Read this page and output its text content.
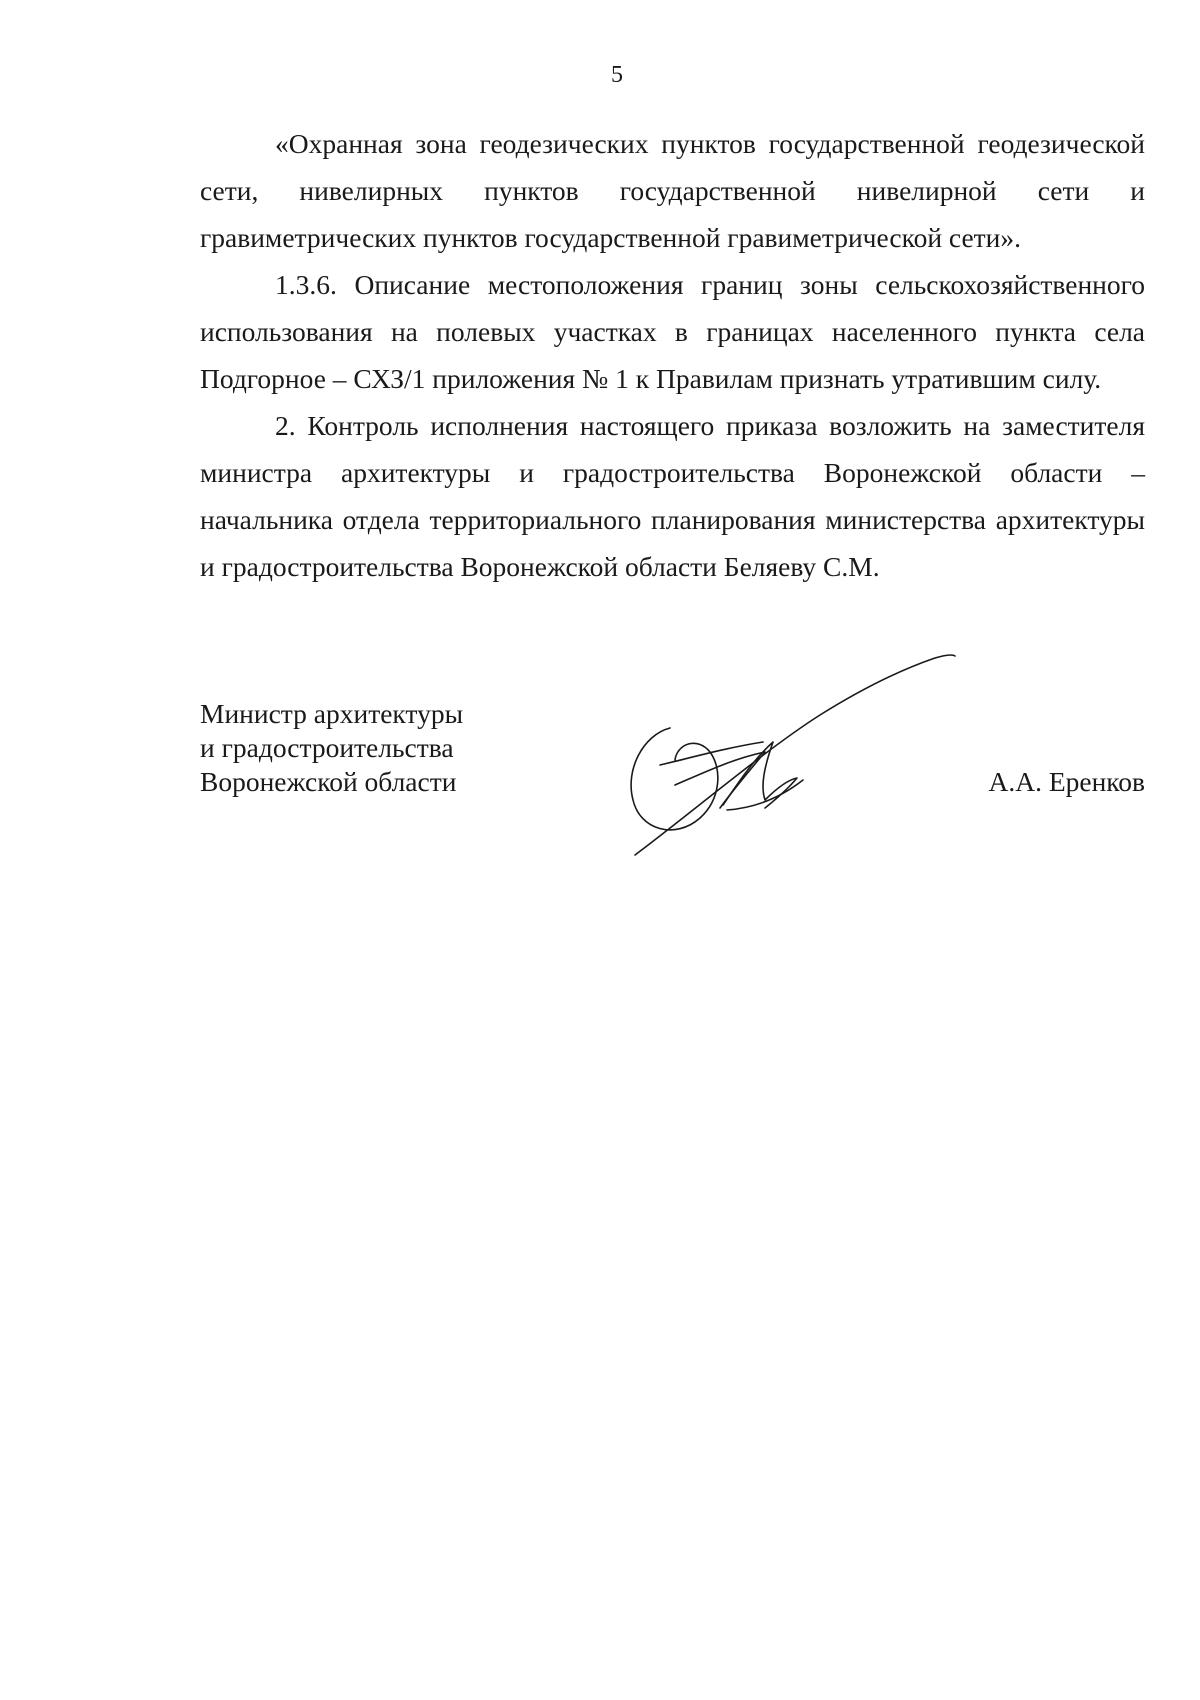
5

«Охранная зона геодезических пунктов государственной геодезической сети, нивелирных пунктов государственной нивелирной сети и гравиметрических пунктов государственной гравиметрической сети».

1.3.6. Описание местоположения границ зоны сельскохозяйственного использования на полевых участках в границах населенного пункта села Подгорное – СХЗ/1 приложения № 1 к Правилам признать утратившим силу.

2. Контроль исполнения настоящего приказа возложить на заместителя министра архитектуры и градостроительства Воронежской области – начальника отдела территориального планирования министерства архитектуры и градостроительства Воронежской области Беляеву С.М.

Министр архитектуры
и градостроительства
Воронежской области	А.А. Еренков
